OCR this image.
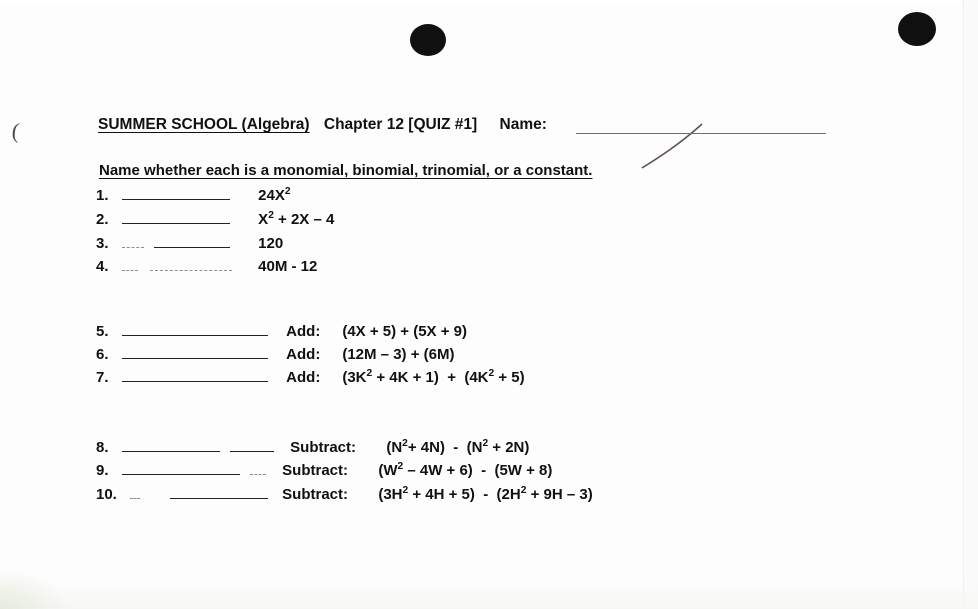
(	SUMMER SCHOOL (Algebra) Chapter 12 [QUIZ #1] Name:
Name whether each is a monomial, binomial, trinomial, or a constant.
1.	$24X^2$
2.	$X^2 + 2X - 4$
3.	120
4.	40M - 12
5.	Add: (4X + 5) + (5X + 9)
6.	Add: (12M – 3) + (6M)
7.	Add: $(3K^2 + 4K + 1) + (4K^2 + 5)$
8.	Subtract: $(N^2+ 4N) - (N^2 + 2N)$
9.	Subtract: $(W^2 - 4W + 6) - (5W + 8)$
10.	Subtract: $(3H^2 + 4H + 5) - (2H^2 + 9H - 3)$
